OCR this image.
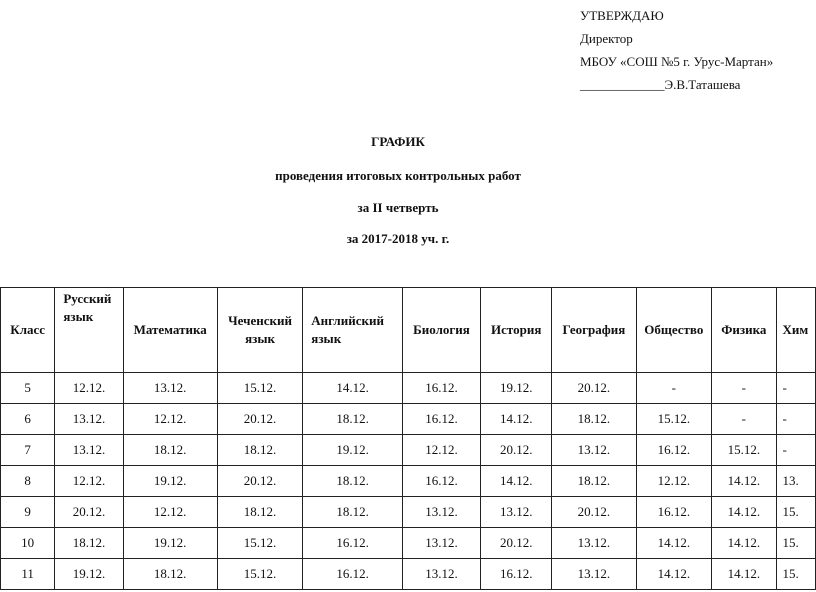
УТВЕРЖДАЮ
Директор
МБОУ «СОШ №5 г. Урус-Мартан»
_____________Э.В.Таташева
ГРАФИК
проведения итоговых контрольных работ
за II четверть
за 2017-2018 уч. г.
Класс	Русский язык	Математика	Чеченский язык	Английский язык	Биология	История	География	Общество	Физика	Хим
5	12.12.	13.12.	15.12.	14.12.	16.12.	19.12.	20.12.	-	-	-
6	13.12.	12.12.	20.12.	18.12.	16.12.	14.12.	18.12.	15.12.	-	-
7	13.12.	18.12.	18.12.	19.12.	12.12.	20.12.	13.12.	16.12.	15.12.	-
8	12.12.	19.12.	20.12.	18.12.	16.12.	14.12.	18.12.	12.12.	14.12.	13.
9	20.12.	12.12.	18.12.	18.12.	13.12.	13.12.	20.12.	16.12.	14.12.	15.
10	18.12.	19.12.	15.12.	16.12.	13.12.	20.12.	13.12.	14.12.	14.12.	15.
11	19.12.	18.12.	15.12.	16.12.	13.12.	16.12.	13.12.	14.12.	14.12.	15.
